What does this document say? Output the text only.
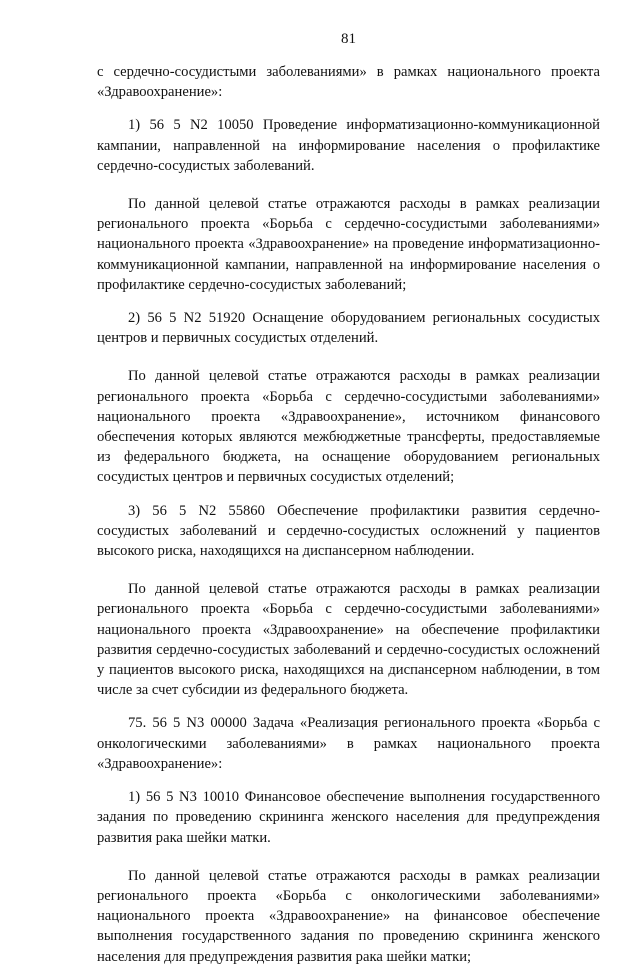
81

с сердечно-сосудистыми заболеваниями» в рамках национального проекта «Здравоохранение»:

1) 56 5 N2 10050 Проведение информатизационно-коммуникационной кампании, направленной на информирование населения о профилактике сердечно-сосудистых заболеваний.

По данной целевой статье отражаются расходы в рамках реализации регионального проекта «Борьба с сердечно-сосудистыми заболеваниями» национального проекта «Здравоохранение» на проведение информатизационно-коммуникационной кампании, направленной на информирование населения о профилактике сердечно-сосудистых заболеваний;

2) 56 5 N2 51920 Оснащение оборудованием региональных сосудистых центров и первичных сосудистых отделений.

По данной целевой статье отражаются расходы в рамках реализации регионального проекта «Борьба с сердечно-сосудистыми заболеваниями» национального проекта «Здравоохранение», источником финансового обеспечения которых являются межбюджетные трансферты, предоставляемые из федерального бюджета, на оснащение оборудованием региональных сосудистых центров и первичных сосудистых отделений;

3) 56 5 N2 55860 Обеспечение профилактики развития сердечно-сосудистых заболеваний и сердечно-сосудистых осложнений у пациентов высокого риска, находящихся на диспансерном наблюдении.

По данной целевой статье отражаются расходы в рамках реализации регионального проекта «Борьба с сердечно-сосудистыми заболеваниями» национального проекта «Здравоохранение» на обеспечение профилактики развития сердечно-сосудистых заболеваний и сердечно-сосудистых осложнений у пациентов высокого риска, находящихся на диспансерном наблюдении, в том числе за счет субсидии из федерального бюджета.

75. 56 5 N3 00000 Задача «Реализация регионального проекта «Борьба с онкологическими заболеваниями» в рамках национального проекта «Здравоохранение»:

1) 56 5 N3 10010 Финансовое обеспечение выполнения государственного задания по проведению скрининга женского населения для предупреждения развития рака шейки матки.

По данной целевой статье отражаются расходы в рамках реализации регионального проекта «Борьба с онкологическими заболеваниями» национального проекта «Здравоохранение» на финансовое обеспечение выполнения государственного задания по проведению скрининга женского населения для предупреждения развития рака шейки матки;
